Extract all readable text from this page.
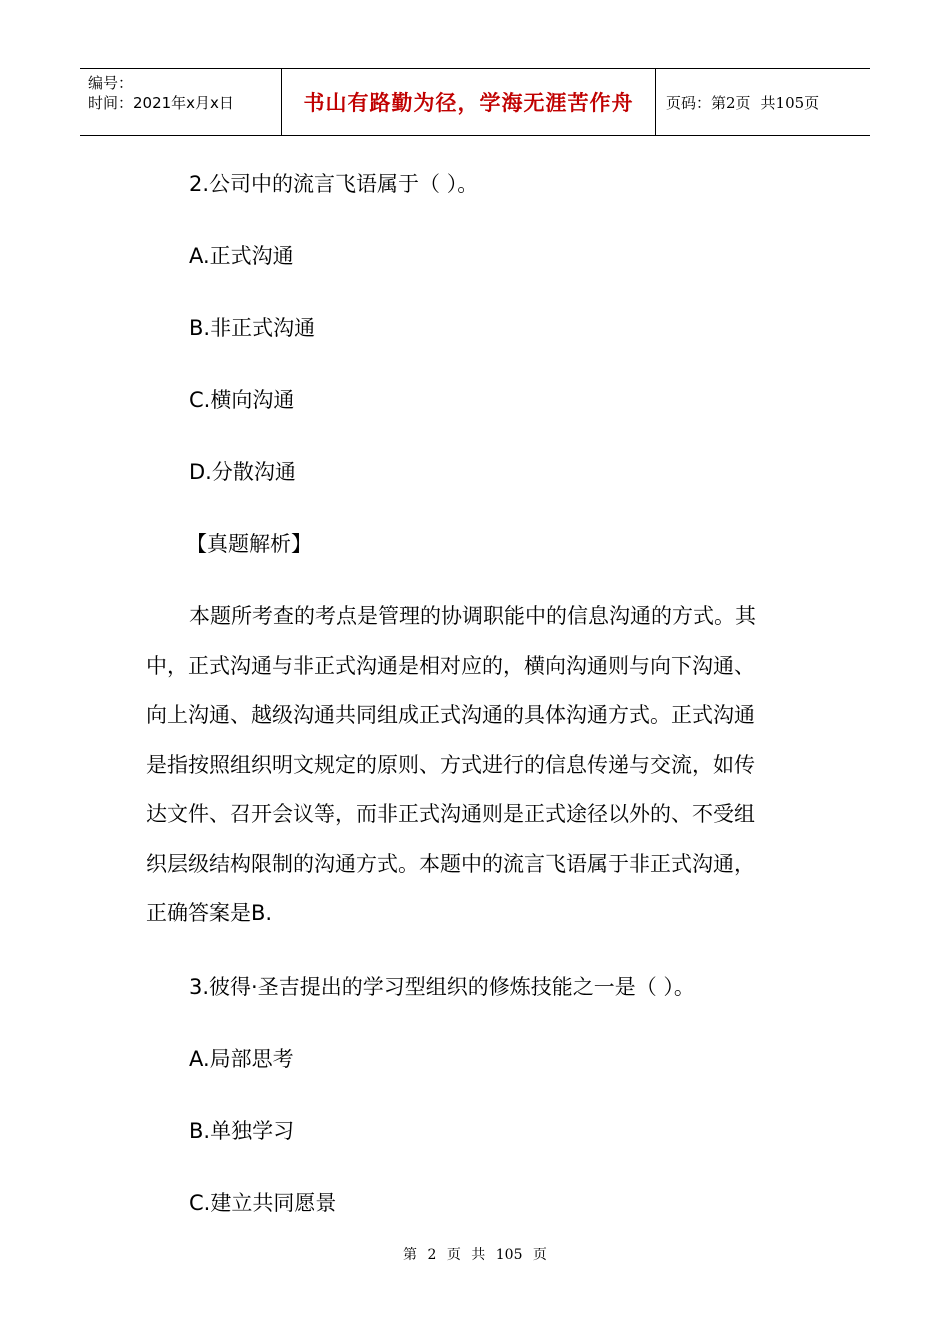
编号：
时间：2021年x月x日	书山有路勤为径，学海无涯苦作舟	页码：第2页 共105页
2.公司中的流言飞语属于（ ）。
A.正式沟通
B.非正式沟通
C.横向沟通
D.分散沟通
【真题解析】
本题所考查的考点是管理的协调职能中的信息沟通的方式。其
中，正式沟通与非正式沟通是相对应的，横向沟通则与向下沟通、
向上沟通、越级沟通共同组成正式沟通的具体沟通方式。正式沟通
是指按照组织明文规定的原则、方式进行的信息传递与交流，如传
达文件、召开会议等，而非正式沟通则是正式途径以外的、不受组
织层级结构限制的沟通方式。本题中的流言飞语属于非正式沟通，
正确答案是B.
3.彼得·圣吉提出的学习型组织的修炼技能之一是（ ）。
A.局部思考
B.单独学习
C.建立共同愿景
第 2 页 共 105 页
